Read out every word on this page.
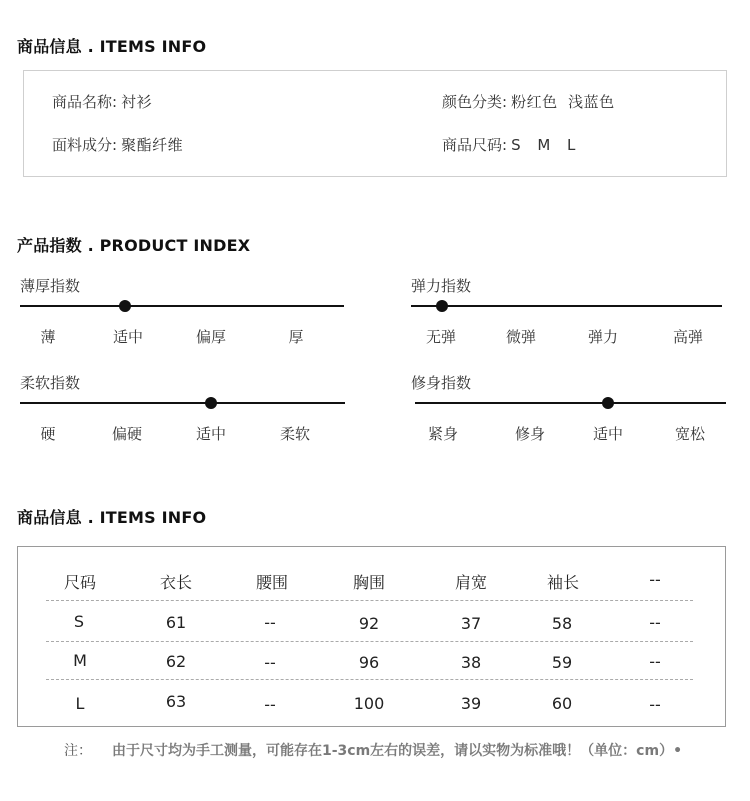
商品信息 . ITEMS INFO
商品名称: 衬衫	颜色分类: 粉红色  浅蓝色
面料成分: 聚酯纤维	商品尺码: S M L
产品指数 . PRODUCT INDEX
薄厚指数
薄	适中	偏厚	厚
弹力指数
无弹	微弹	弹力	高弹
柔软指数
硬	偏硬	适中	柔软
修身指数
紧身	修身	适中	宽松
商品信息 . ITEMS INFO
尺码	衣长	腰围	胸围	肩宽	袖长	--
S	61	--	92	37	58	--
M	62	--	96	38	59	--
L	63	--	100	39	60	--
注： 由于尺寸均为手工测量，可能存在1-3cm左右的误差，请以实物为标准哦！（单位：cm）•
